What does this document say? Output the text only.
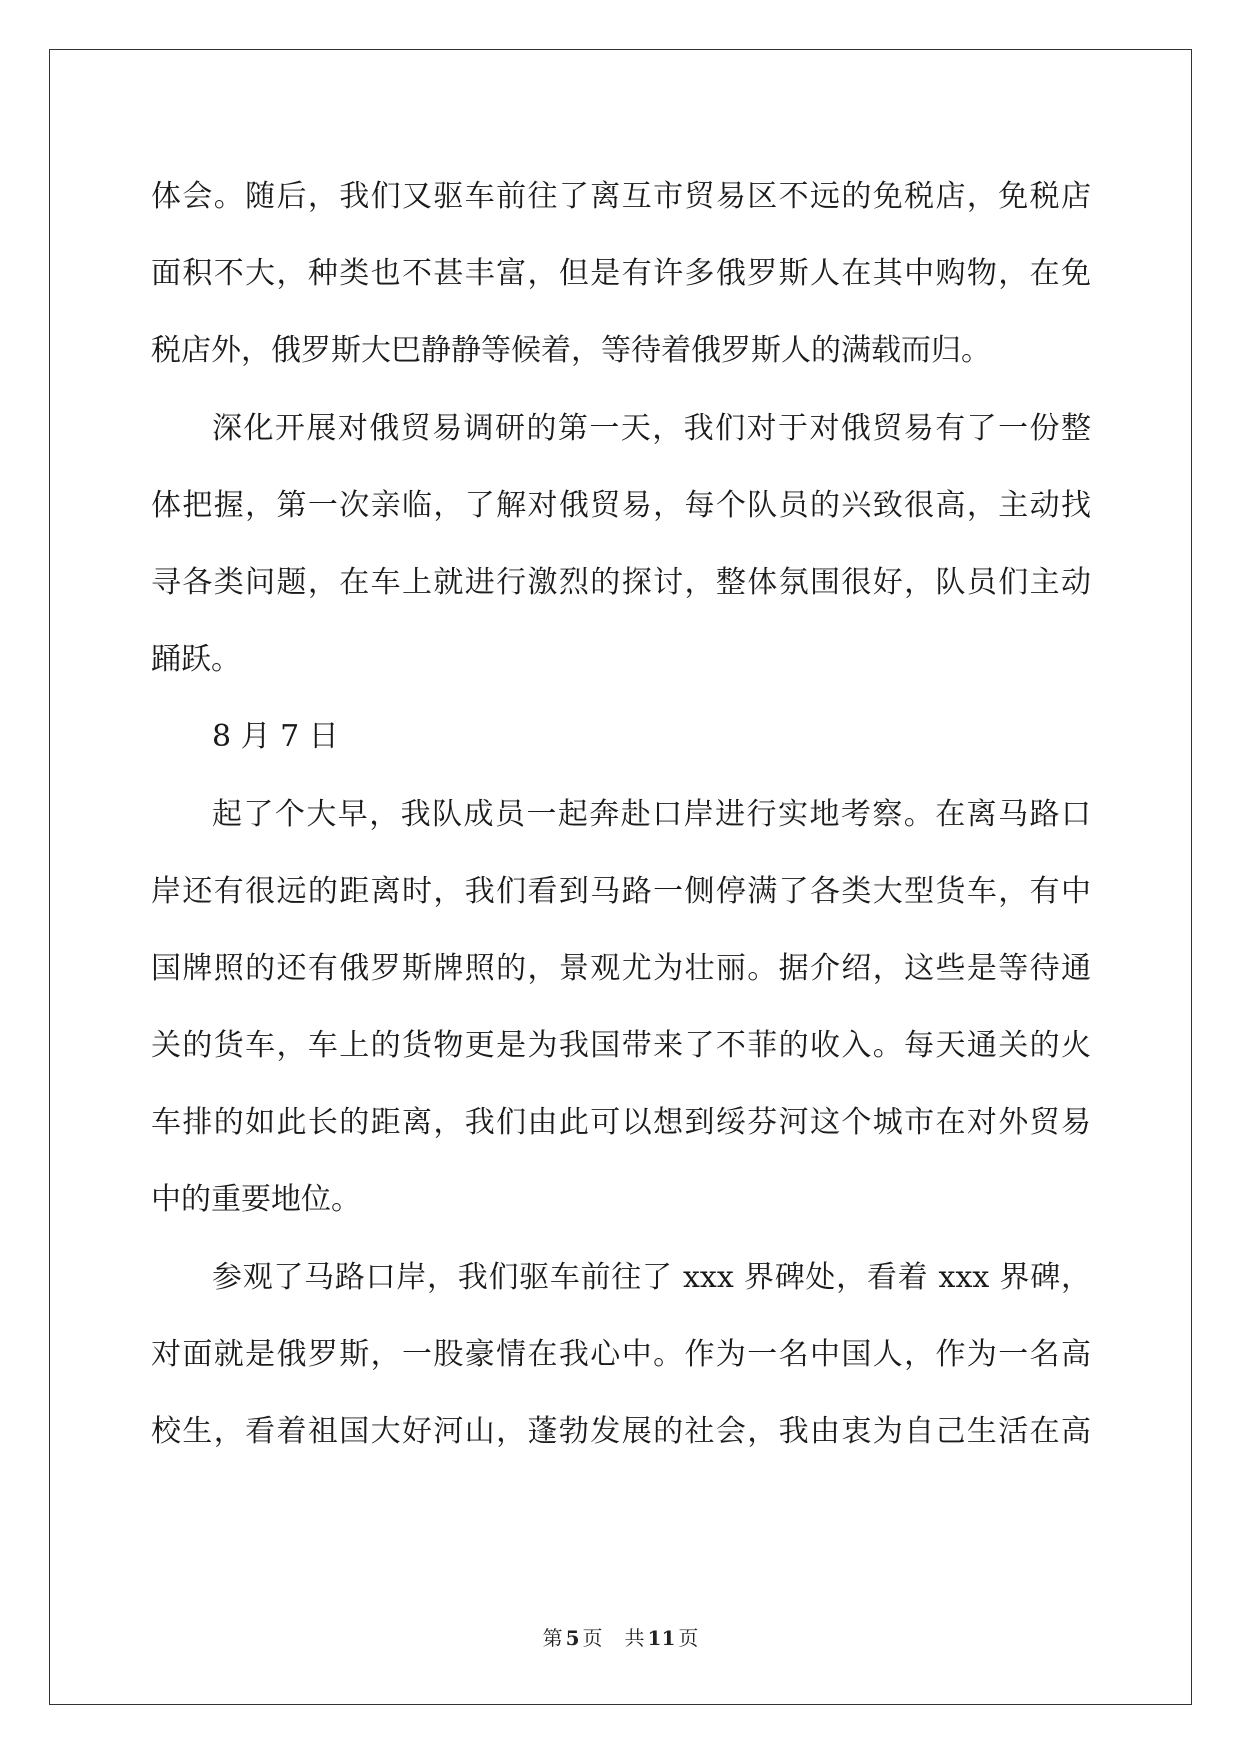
体会。随后，我们又驱车前往了离互市贸易区不远的免税店，免税店
面积不大，种类也不甚丰富，但是有许多俄罗斯人在其中购物，在免
税店外，俄罗斯大巴静静等候着，等待着俄罗斯人的满载而归。
深化开展对俄贸易调研的第一天，我们对于对俄贸易有了一份整
体把握，第一次亲临，了解对俄贸易，每个队员的兴致很高，主动找
寻各类问题，在车上就进行激烈的探讨，整体氛围很好，队员们主动
踊跃。
8 月 7 日
起了个大早，我队成员一起奔赴口岸进行实地考察。在离马路口
岸还有很远的距离时，我们看到马路一侧停满了各类大型货车，有中
国牌照的还有俄罗斯牌照的，景观尤为壮丽。据介绍，这些是等待通
关的货车，车上的货物更是为我国带来了不菲的收入。每天通关的火
车排的如此长的距离，我们由此可以想到绥芬河这个城市在对外贸易
中的重要地位。
参观了马路口岸，我们驱车前往了 xxx 界碑处，看着 xxx 界碑，
对面就是俄罗斯，一股豪情在我心中。作为一名中国人，作为一名高
校生，看着祖国大好河山，蓬勃发展的社会，我由衷为自己生活在高
第 5 页 共 11 页
